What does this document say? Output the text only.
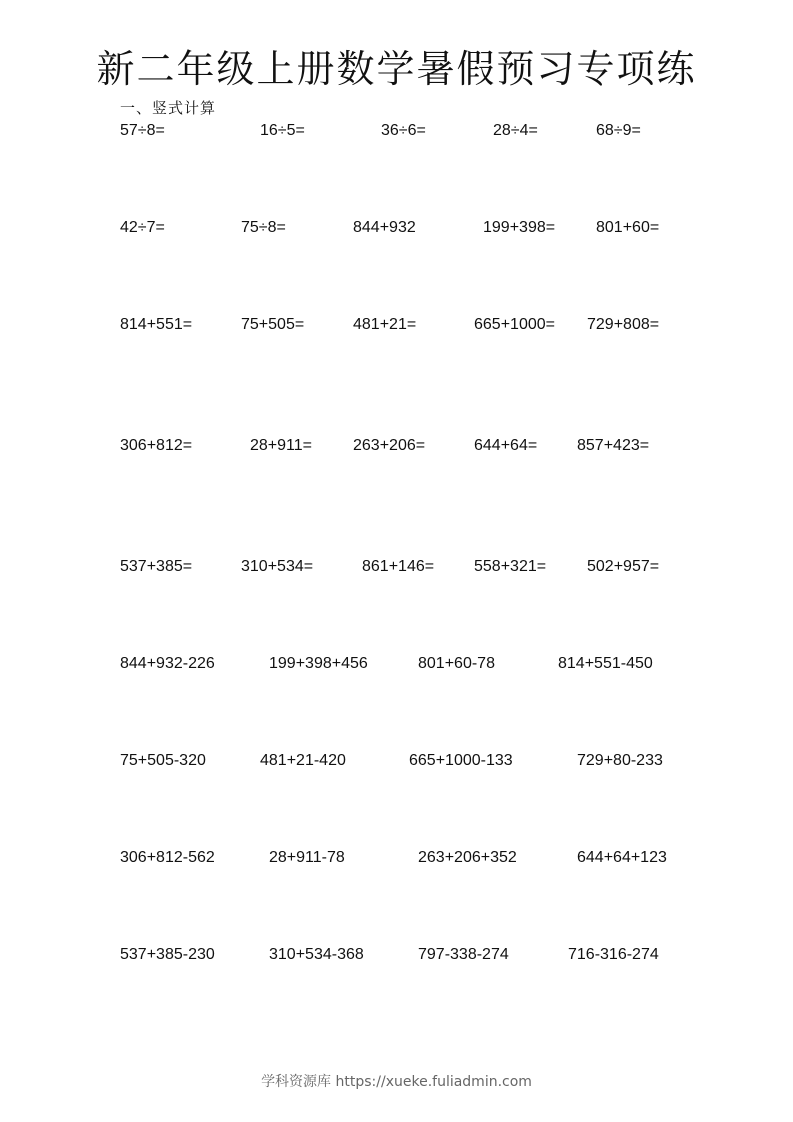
新二年级上册数学暑假预习专项练
一、竖式计算
57÷8=	16÷5=	36÷6=	28÷4=	68÷9=
42÷7=	75÷8=	844+932	199+398=	801+60=
814+551=	75+505=	481+21=	665+1000= 729+808=
306+812=	28+911=	263+206=	644+64= 857+423=
537+385=	310+534=	861+146= 558+321=	502+957=
844+932-226	199+398+456	801+60-78	814+551-450
75+505-320	481+21-420	665+1000-133	729+80-233
306+812-562	28+911-78	263+206+352	644+64+123
537+385-230	310+534-368	797-338-274	716-316-274
学科资源库 https://xueke.fuliadmin.com
